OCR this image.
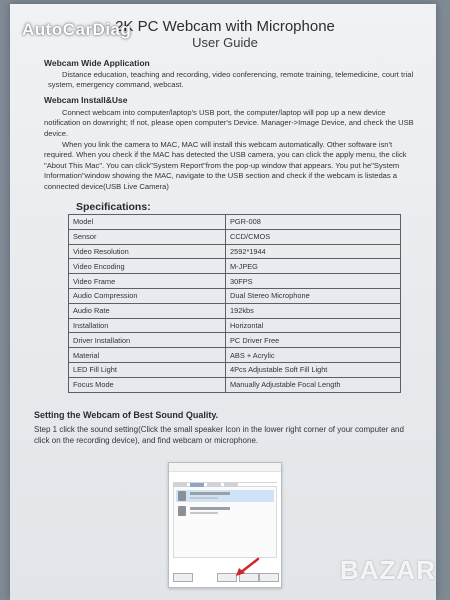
AutoCarDiag
2K PC Webcam with Microphone
User Guide
Webcam Wide Application
Distance education, teaching and recording, video conferencing, remote training, telemedicine, court trial system, emergency command, webcast.
Webcam Install&Use
Connect webcam into computer/laptop's USB port, the computer/laptop will pop up a new device notification on downright; If not, please open computer's Device. Manager->Image Device, and check the USB device.
When you link the camera to MAC, MAC will install this webcam automatically. Other software isn't required. When you check if the MAC has detected the USB camera, you can click the apply menu, the click "About This Mac". You can click"System Report"from the pop-up window that appears. You put he"System Information"window showing the MAC, navigate to the USB section and check if the webcam is listedas a connected device(USB Live Camera)
Specifications:
Model	PGR-008
Sensor	CCD/CMOS
Video Resolution	2592*1944
Video Encoding	M-JPEG
Video Frame	30FPS
Audio Compression	Dual Stereo Microphone
Audio Rate	192kbs
Installation	Horizontal
Driver Installation	PC Driver Free
Material	ABS + Acrylic
LED Fill Light	4Pcs Adjustable Soft Fill Light
Focus Mode	Manually Adjustable Focal Length
Setting the Webcam of Best Sound Quality.
Step 1 click the sound setting(Click the small speaker Icon in the lower right corner of your computer and click on the recording device), and find webcam or microphone.
BAZAR
